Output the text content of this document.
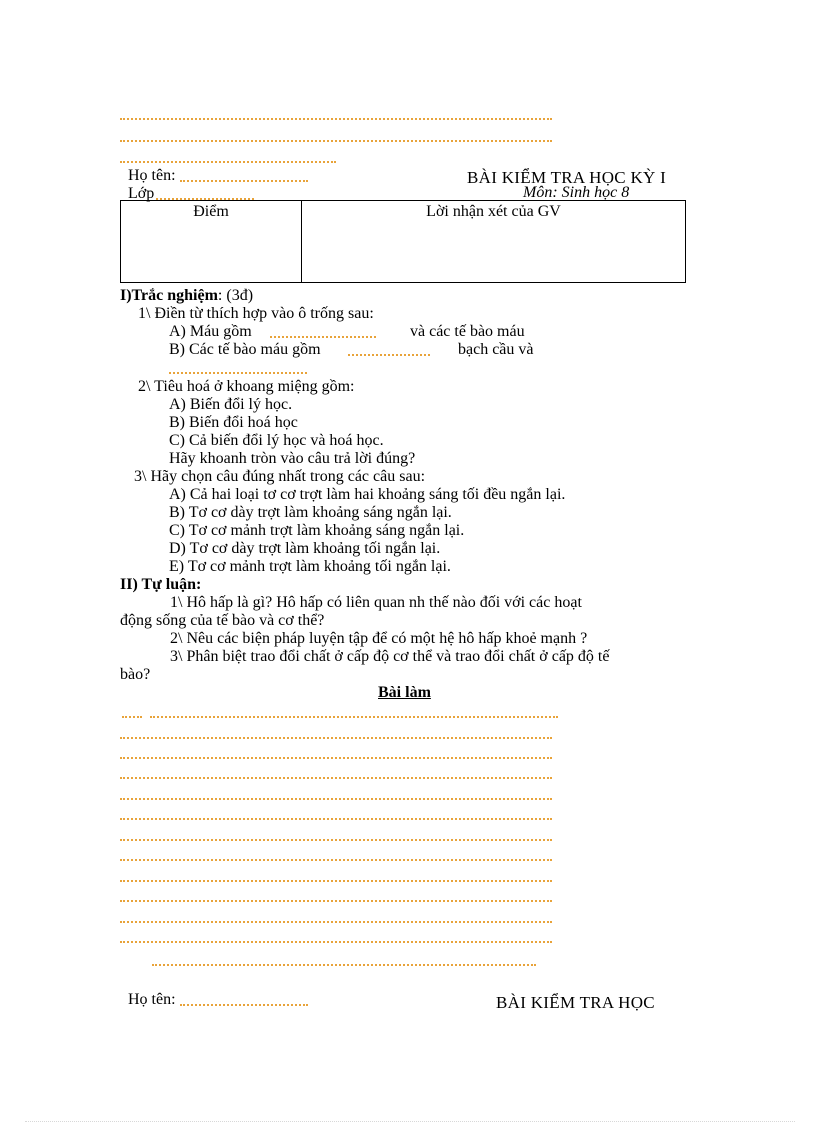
Họ tên:
Lớp
BÀI KIỂM TRA HỌC KỲ I
Môn: Sinh học 8
Điểm	Lời nhận xét của GV
I)Trắc nghiệm: (3đ)
1\ Điền từ thích hợp vào ô trống sau:
A) Máu gồm	và các tế bào máu
B) Các tế bào máu gồm	bạch cầu và
2\ Tiêu hoá ở khoang miệng gồm:
A) Biến đổi lý học.
B) Biến đổi hoá học
C) Cả biến đổi lý học và hoá học.
Hãy khoanh tròn vào câu trả lời đúng?
3\ Hãy chọn câu đúng nhất trong các câu sau:
A) Cả hai loại tơ cơ trợt làm hai khoảng sáng tối đều ngắn lại.
B) Tơ cơ dày trợt làm khoảng sáng ngắn lại.
C) Tơ cơ mảnh trợt làm khoảng sáng ngắn lại.
D) Tơ cơ dày trợt làm khoảng tối ngắn lại.
E) Tơ cơ mảnh trợt làm khoảng tối ngắn lại.
II) Tự luận:
1\ Hô hấp là gì? Hô hấp có liên quan nh thế nào đối với các hoạt
động sống của tế bào và cơ thể?
2\ Nêu các biện pháp luyện tập để có một hệ hô hấp khoẻ mạnh ?
3\ Phân biệt trao đổi chất ở cấp độ cơ thể và trao đổi chất ở cấp độ tế
bào?
Bài làm
Họ tên:	BÀI KIỂM TRA HỌC
